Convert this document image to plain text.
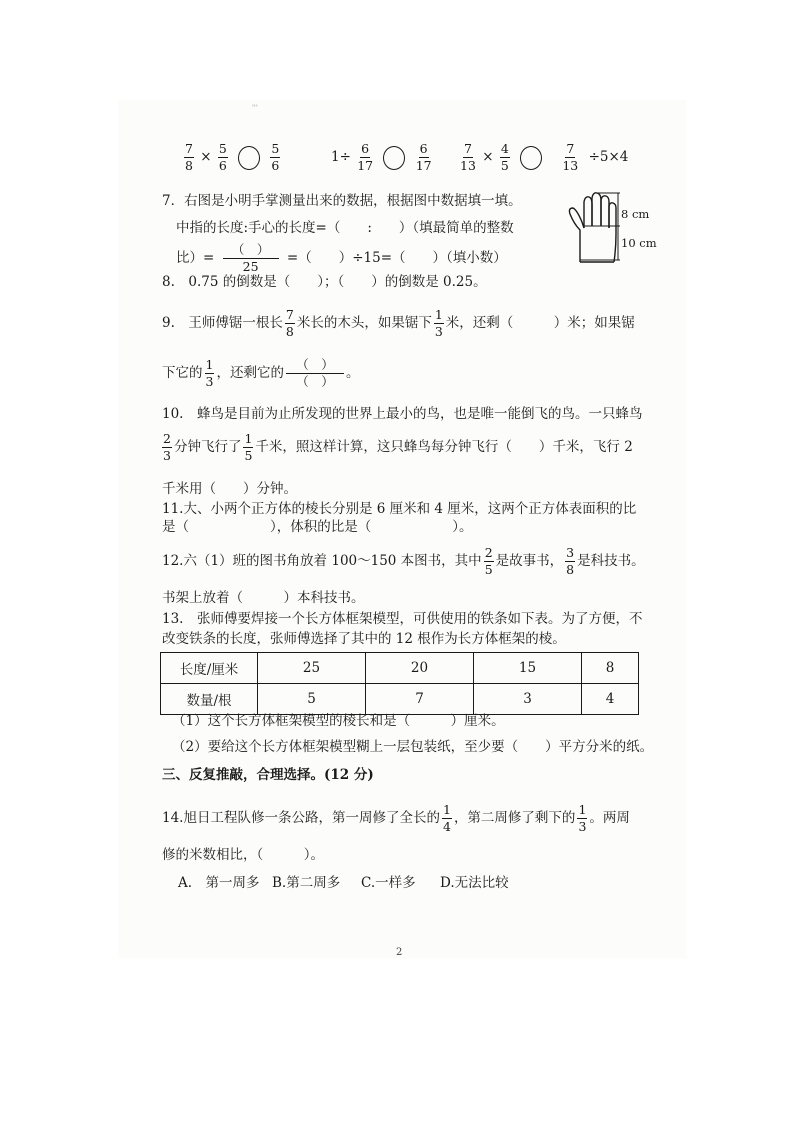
'''
$\frac{7}{8} \times \frac{5}{6}$
	$\frac{5}{6}$	$1\div \frac{6}{17}$
	$\frac{6}{17} \frac{7}{13} \times \frac{4}{5}$
	$\frac{7}{13} \div 5\times 4$
7．右图是小明手掌测量出来的数据，根据图中数据填一填。
中指的长度:手心的长度=（　　:　　）（填最简单的整数
比）= $\frac{( )}{25}$ =（　　）÷15=（　　）（填小数）
8 cm
10 cm
8.　0.75 的倒数是（　　）；（　　）的倒数是 0.25。
9.　王师傅锯一根长 $\frac{7}{8}$ 米长的木头，如果锯下 $\frac{1}{3}$ 米，还剩（　　　）米；如果锯
下它的 $\frac{1}{3}$ ，还剩它的 $\frac{( )}{( )}$ 。
10.　蜂鸟是目前为止所发现的世界上最小的鸟，也是唯一能倒飞的鸟。一只蜂鸟
$\frac{2}{3}$ 分钟飞行了 $\frac{1}{5}$ 千米，照这样计算，这只蜂鸟每分钟飞行（　　）千米，飞行 2
千米用（　　）分钟。
11.大、小两个正方体的棱长分别是 6 厘米和 4 厘米，这两个正方体表面积的比
是（　　　　　　），体积的比是（　　　　　　）。
12.六（1）班的图书角放着 100～150 本图书，其中 $\frac{2}{5}$ 是故事书， $\frac{3}{8}$ 是科技书。
书架上放着（　　　）本科技书。
13.　张师傅要焊接一个长方体框架模型，可供使用的铁条如下表。为了方便，不
改变铁条的长度，张师傅选择了其中的 12 根作为长方体框架的棱。
长度/厘米	25	20	15	8
数量/根	5	7	3	4
（1）这个长方体框架模型的棱长和是（　　　）厘米。
（2）要给这个长方体框架模型糊上一层包装纸，至少要（　　）平方分米的纸。
三、反复推敲，合理选择。(12 分)
14.旭日工程队修一条公路，第一周修了全长的 $\frac{1}{4}$ ，第二周修了剩下的 $\frac{1}{3}$ 。两周
修的米数相比，（　　　）。
A.　第一周多 B.第二周多 C.一样多 D.无法比较
2
